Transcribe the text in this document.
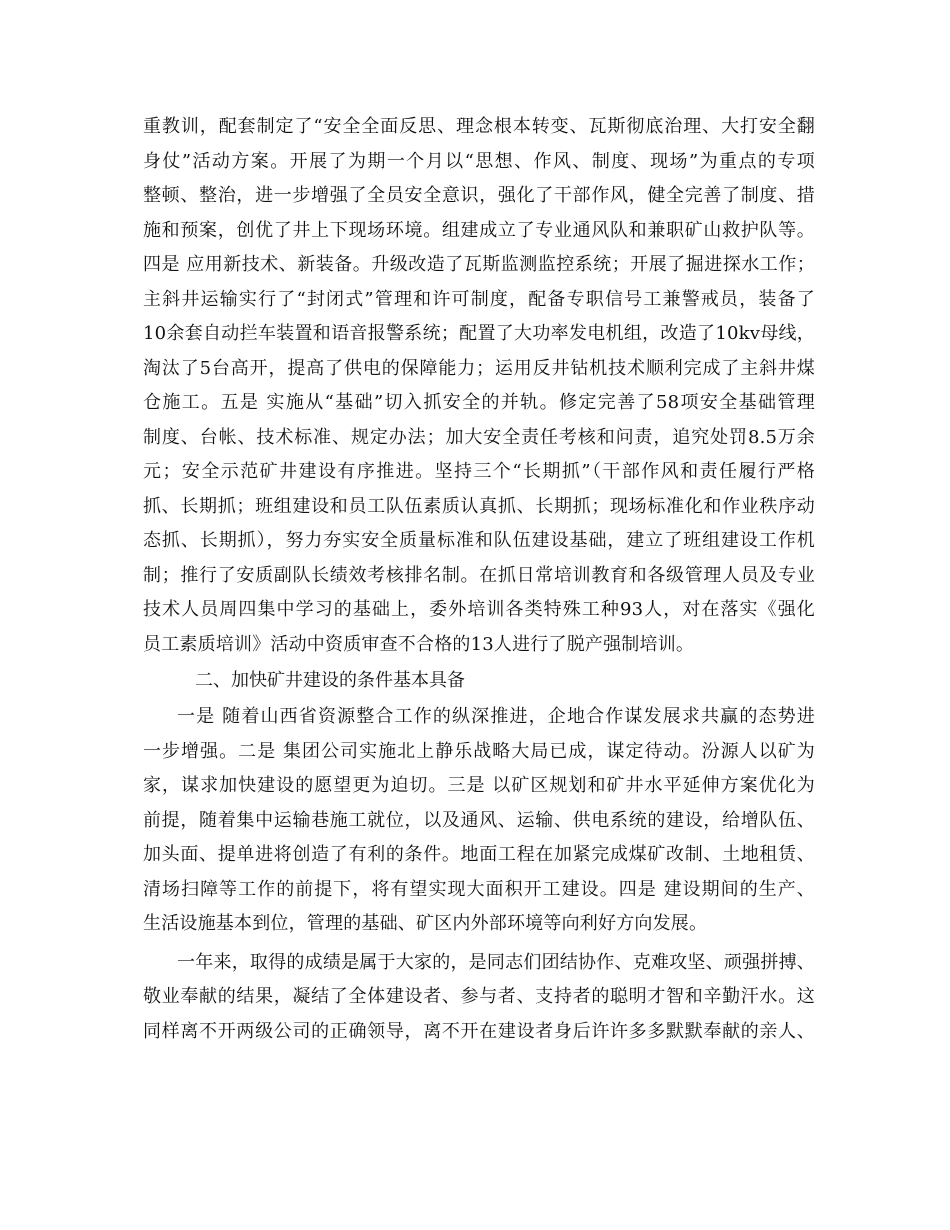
重教训，配套制定了“安全全面反思、理念根本转变、瓦斯彻底治理、大打安全翻
身仗”活动方案。开展了为期一个月以“思想、作风、制度、现场”为重点的专项
整顿、整治，进一步增强了全员安全意识，强化了干部作风，健全完善了制度、措
施和预案，创优了井上下现场环境。组建成立了专业通风队和兼职矿山救护队等。
四是 应用新技术、新装备。升级改造了瓦斯监测监控系统；开展了掘进探水工作；
主斜井运输实行了“封闭式”管理和许可制度，配备专职信号工兼警戒员，装备了
10余套自动拦车装置和语音报警系统；配置了大功率发电机组，改造了10kv母线，
淘汰了5台高开，提高了供电的保障能力；运用反井钻机技术顺利完成了主斜井煤
仓施工。五是 实施从“基础”切入抓安全的并轨。修定完善了58项安全基础管理
制度、台帐、技术标准、规定办法；加大安全责任考核和问责，追究处罚8.5万余
元；安全示范矿井建设有序推进。坚持三个“长期抓”（干部作风和责任履行严格
抓、长期抓；班组建设和员工队伍素质认真抓、长期抓；现场标准化和作业秩序动
态抓、长期抓），努力夯实安全质量标准和队伍建设基础，建立了班组建设工作机
制；推行了安质副队长绩效考核排名制。在抓日常培训教育和各级管理人员及专业
技术人员周四集中学习的基础上，委外培训各类特殊工种93人，对在落实《强化
员工素质培训》活动中资质审查不合格的13人进行了脱产强制培训。
二、加快矿井建设的条件基本具备
一是 随着山西省资源整合工作的纵深推进，企地合作谋发展求共赢的态势进
一步增强。二是 集团公司实施北上静乐战略大局已成，谋定待动。汾源人以矿为
家，谋求加快建设的愿望更为迫切。三是 以矿区规划和矿井水平延伸方案优化为
前提，随着集中运输巷施工就位，以及通风、运输、供电系统的建设，给增队伍、
加头面、提单进将创造了有利的条件。地面工程在加紧完成煤矿改制、土地租赁、
清场扫障等工作的前提下，将有望实现大面积开工建设。四是 建设期间的生产、
生活设施基本到位，管理的基础、矿区内外部环境等向利好方向发展。
一年来，取得的成绩是属于大家的，是同志们团结协作、克难攻坚、顽强拼搏、
敬业奉献的结果，凝结了全体建设者、参与者、支持者的聪明才智和辛勤汗水。这
同样离不开两级公司的正确领导，离不开在建设者身后许许多多默默奉献的亲人、
